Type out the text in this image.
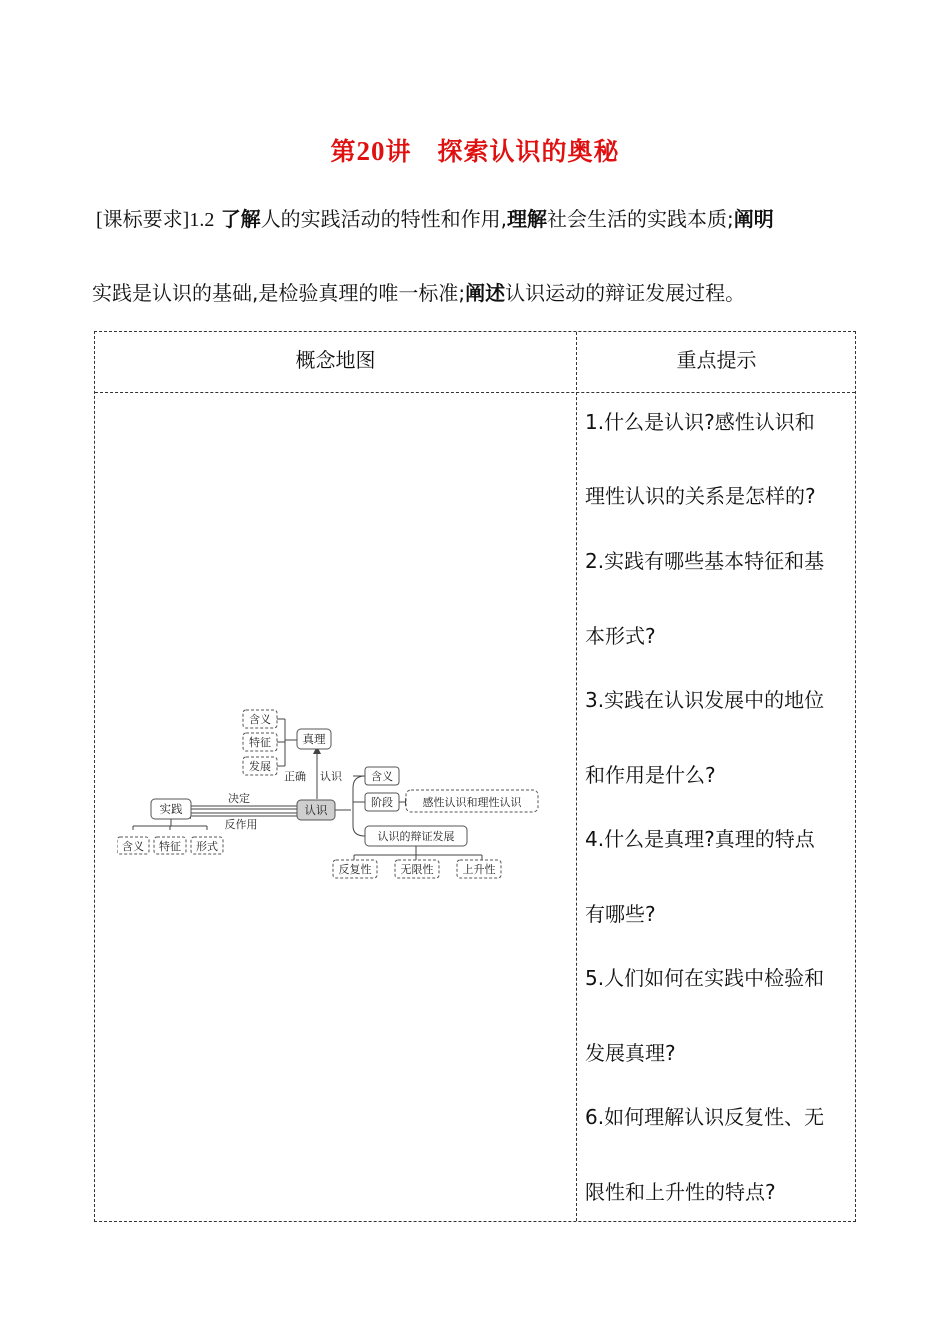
第20讲 探索认识的奥秘
[课标要求]1.2 了解人的实践活动的特性和作用,理解社会生活的实践本质;阐明
实践是认识的基础,是检验真理的唯一标准;阐述认识运动的辩证发展过程。
概念地图	重点提示
实践
含义 特征 形式
决定
反作用
认识
正确 认识
真理
含义
特征
发展
含义
阶段	感性认识和理性认识
认识的辩证发展
反复性	无限性	上升性
1.什么是认识?感性认识和
理性认识的关系是怎样的?
2.实践有哪些基本特征和基
本形式?
3.实践在认识发展中的地位
和作用是什么?
4.什么是真理?真理的特点
有哪些?
5.人们如何在实践中检验和
发展真理?
6.如何理解认识反复性、无
限性和上升性的特点?
